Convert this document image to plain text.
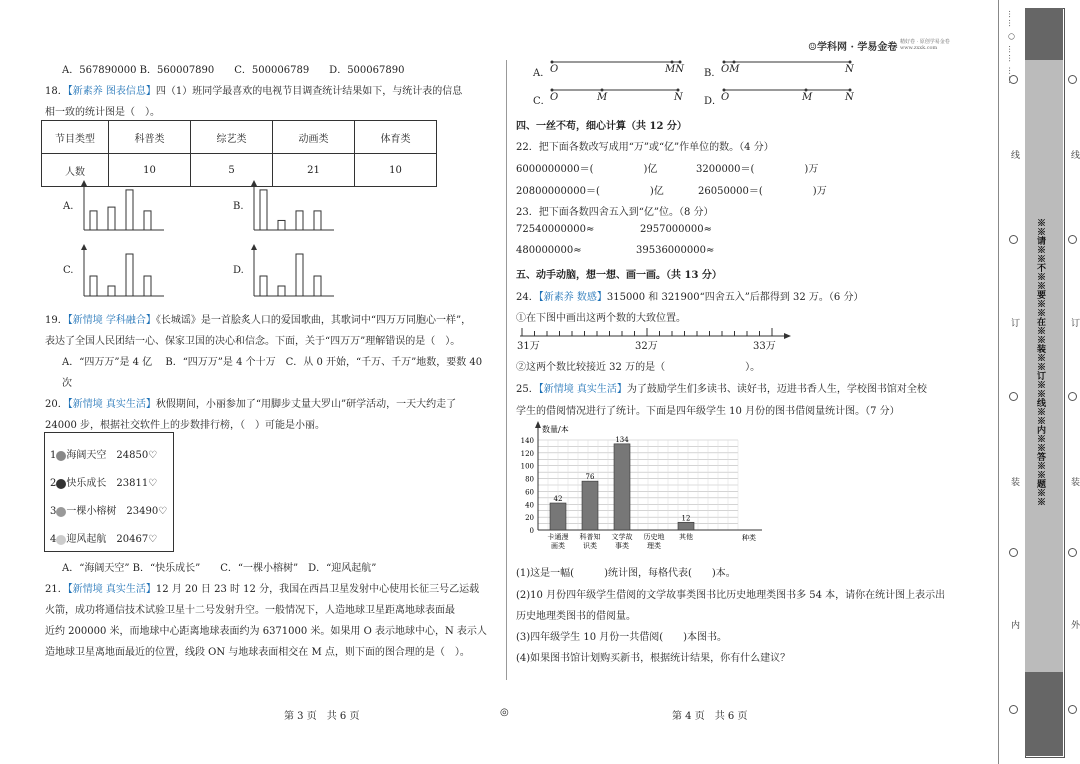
☺学科网 · 学易金卷 精好卷 · 原创学易金卷 www.zxxk.com
A．567890000 B．560007890　　C．500006789　　D．500067890
18．【新素养 图表信息】四（1）班同学最喜欢的电视节目调查统计结果如下，与统计表的信息
相一致的统计图是（　）。
节目类型	科普类	综艺类	动画类	体育类
人数	10	5	21	10
A.	B.
C.	D.
19．【新情境 学科融合】《长城谣》是一首脍炙人口的爱国歌曲，其歌词中“四万万同胞心一样”，
表达了全国人民团结一心、保家卫国的决心和信念。下面，关于“四万万”理解错误的是（　）。
A．“四万万”是 4 亿　 B．“四万万”是 4 个十万　C．从 0 开始，“千万、千万”地数，要数 40
次
20．【新情境 真实生活】秋假期间，小丽参加了“用脚步丈量大罗山”研学活动，一天大约走了
24000 步，根据社交软件上的步数排行榜，（　）可能是小丽。
1 海阔天空　 24850♡
2 快乐成长　 23811♡
3 一棵小榕树　 23490♡
4 迎风起航　 20467♡
A．“海阔天空” B．“快乐成长”　　C．“一棵小榕树”　D．“迎风起航”
21．【新情境 真实生活】12 月 20 日 23 时 12 分，我国在西昌卫星发射中心使用长征三号乙运载
火箭，成功将通信技术试验卫星十二号发射升空。一般情况下，人造地球卫星距离地球表面最
近约 200000 米，而地球中心距离地球表面约为 6371000 米。如果用 O 表示地球中心，N 表示人
造地球卫星离地面最近的位置，线段 ON 与地球表面相交在 M 点，则下面的图合理的是（　）。
第 3 页　共 6 页	◎
A．	B．
C．	D．
O	MN	OM	N
O	M	N	O	M	N
四、一丝不苟，细心计算（共 12 分）
22．把下面各数改写成用“万”或“亿”作单位的数。（4 分）
6000000000＝(　　　　　)亿	3200000＝(　　　　　)万
20800000000＝(　　　　　)亿	26050000＝(　　　　　)万
23．把下面各数四舍五入到“亿”位。（8 分）
72540000000≈	2957000000≈
480000000≈	39536000000≈
五、动手动脑，想一想、画一画。（共 13 分）
24．【新素养 数感】315000 和 321900“四舍五入”后都得到 32 万。（6 分）
①在下图中画出这两个数的大致位置。
31万	32万	33万
②这两个数比较接近 32 万的是（　　　　　　　　）。
25．【新情境 真实生活】为了鼓励学生们多读书、读好书，迈进书香人生，学校图书馆对全校
学生的借阅情况进行了统计。下面是四年级学生 10 月份的图书借阅量统计图。（7 分）
数量/本
0
20
40
60
80
100
120
140
42
卡通漫
画类
76
科普知
识类
134
文学故
事类
历史地
理类
12
其他	种类
(1)这是一幅(　　　)统计图，每格代表(　　)本。
(2)10 月份四年级学生借阅的文学故事类图书比历史地理类图书多 54 本，请你在统计图上表示出
历史地理类图书的借阅量。
(3)四年级学生 10 月份一共借阅(　　)本图书。
(4)如果图书馆计划购买新书，根据统计结果，你有什么建议？
第 4 页　共 6 页
※※请※※不※※要※※在※※装※※订※※线※※内※※答※※题※※
…… ○ …… ……
线
订
装
内
线
订
装
外
